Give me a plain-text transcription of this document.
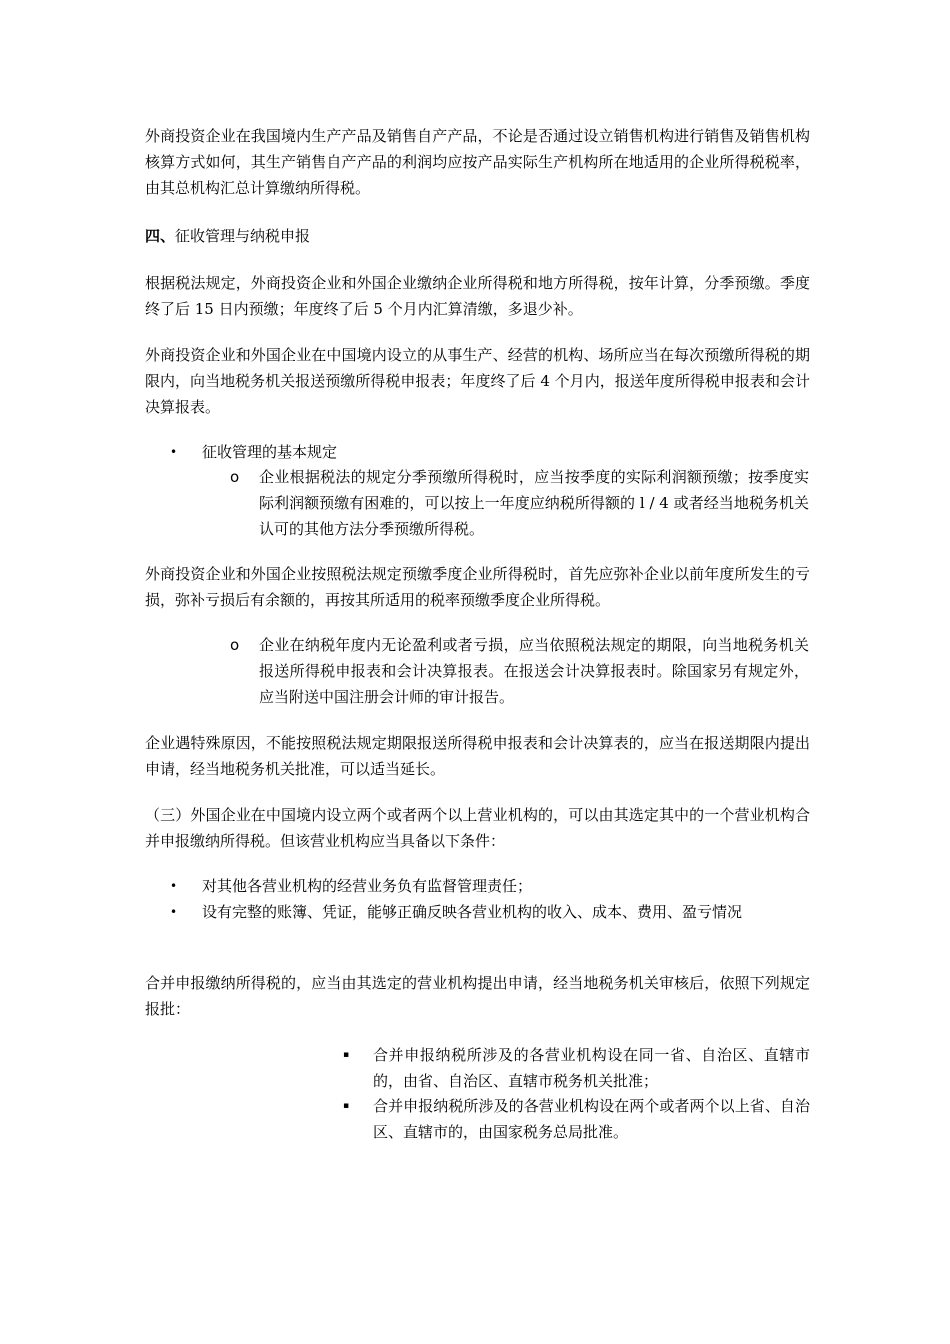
外商投资企业在我国境内生产产品及销售自产产品，不论是否通过设立销售机构进行销售及销售机构核算方式如何，其生产销售自产产品的利润均应按产品实际生产机构所在地适用的企业所得税税率，由其总机构汇总计算缴纳所得税。

四、征收管理与纳税申报

根据税法规定，外商投资企业和外国企业缴纳企业所得税和地方所得税，按年计算，分季预缴。季度终了后 15 日内预缴；年度终了后 5 个月内汇算清缴，多退少补。

外商投资企业和外国企业在中国境内设立的从事生产、经营的机构、场所应当在每次预缴所得税的期限内，向当地税务机关报送预缴所得税申报表；年度终了后 4 个月内，报送年度所得税申报表和会计决算报表。

• 征收管理的基本规定
o 企业根据税法的规定分季预缴所得税时，应当按季度的实际利润额预缴；按季度实际利润额预缴有困难的，可以按上一年度应纳税所得额的 l / 4 或者经当地税务机关认可的其他方法分季预缴所得税。

外商投资企业和外国企业按照税法规定预缴季度企业所得税时，首先应弥补企业以前年度所发生的亏损，弥补亏损后有余额的，再按其所适用的税率预缴季度企业所得税。

o 企业在纳税年度内无论盈利或者亏损，应当依照税法规定的期限，向当地税务机关报送所得税申报表和会计决算报表。在报送会计决算报表时。除国家另有规定外，应当附送中国注册会计师的审计报告。

企业遇特殊原因，不能按照税法规定期限报送所得税申报表和会计决算表的，应当在报送期限内提出申请，经当地税务机关批准，可以适当延长。

（三）外国企业在中国境内设立两个或者两个以上营业机构的，可以由其选定其中的一个营业机构合并申报缴纳所得税。但该营业机构应当具备以下条件：

• 对其他各营业机构的经营业务负有监督管理责任；
• 设有完整的账簿、凭证，能够正确反映各营业机构的收入、成本、费用、盈亏情况

合并申报缴纳所得税的，应当由其选定的营业机构提出申请，经当地税务机关审核后，依照下列规定报批：

▪ 合并申报纳税所涉及的各营业机构设在同一省、自治区、直辖市的，由省、自治区、直辖市税务机关批准；
▪ 合并申报纳税所涉及的各营业机构设在两个或者两个以上省、自治区、直辖市的，由国家税务总局批准。
